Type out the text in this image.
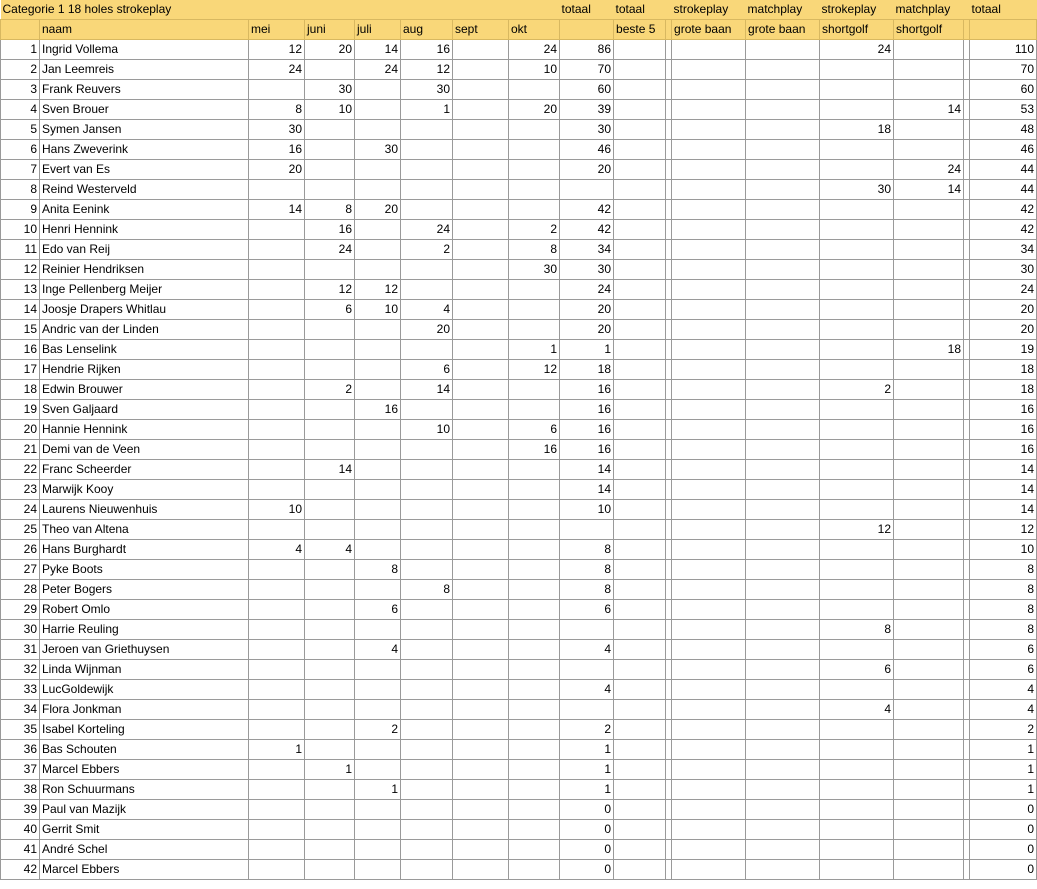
Categorie 1 18 holes strokeplay								totaal	totaal		strokeplay	matchplay	strokeplay	matchplay		totaal
	naam	mei	juni	juli	aug	sept	okt		beste 5		grote baan	grote baan	shortgolf	shortgolf		
1	Ingrid Vollema	12	20	14	16		24	86					24			110
2	Jan Leemreis	24		24	12		10	70								70
3	Frank Reuvers		30		30			60								60
4	Sven Brouer	8	10		1		20	39						14		53
5	Symen Jansen	30						30					18			48
6	Hans Zweverink	16		30				46								46
7	Evert van Es	20						20						24		44
8	Reind Westerveld												30	14		44
9	Anita Eenink	14	8	20				42								42
10	Henri Hennink		16		24		2	42								42
11	Edo van Reij		24		2		8	34								34
12	Reinier Hendriksen						30	30								30
13	Inge Pellenberg Meijer		12	12				24								24
14	Joosje Drapers Whitlau		6	10	4			20								20
15	Andric van der Linden				20			20								20
16	Bas Lenselink						1	1						18		19
17	Hendrie Rijken				6		12	18								18
18	Edwin Brouwer		2		14			16					2			18
19	Sven Galjaard			16				16								16
20	Hannie Hennink				10		6	16								16
21	Demi van de Veen						16	16								16
22	Franc Scheerder		14					14								14
23	Marwijk Kooy							14								14
24	Laurens Nieuwenhuis	10						10								14
25	Theo van Altena												12			12
26	Hans Burghardt	4	4					8								10
27	Pyke Boots			8				8								8
28	Peter Bogers				8			8								8
29	Robert Omlo			6				6								8
30	Harrie Reuling												8			8
31	Jeroen van Griethuysen			4				4								6
32	Linda Wijnman												6			6
33	LucGoldewijk							4								4
34	Flora Jonkman												4			4
35	Isabel Korteling			2				2								2
36	Bas Schouten	1						1								1
37	Marcel Ebbers		1					1								1
38	Ron Schuurmans			1				1								1
39	Paul van Mazijk							0								0
40	Gerrit Smit							0								0
41	André Schel							0								0
42	Marcel Ebbers							0								0
